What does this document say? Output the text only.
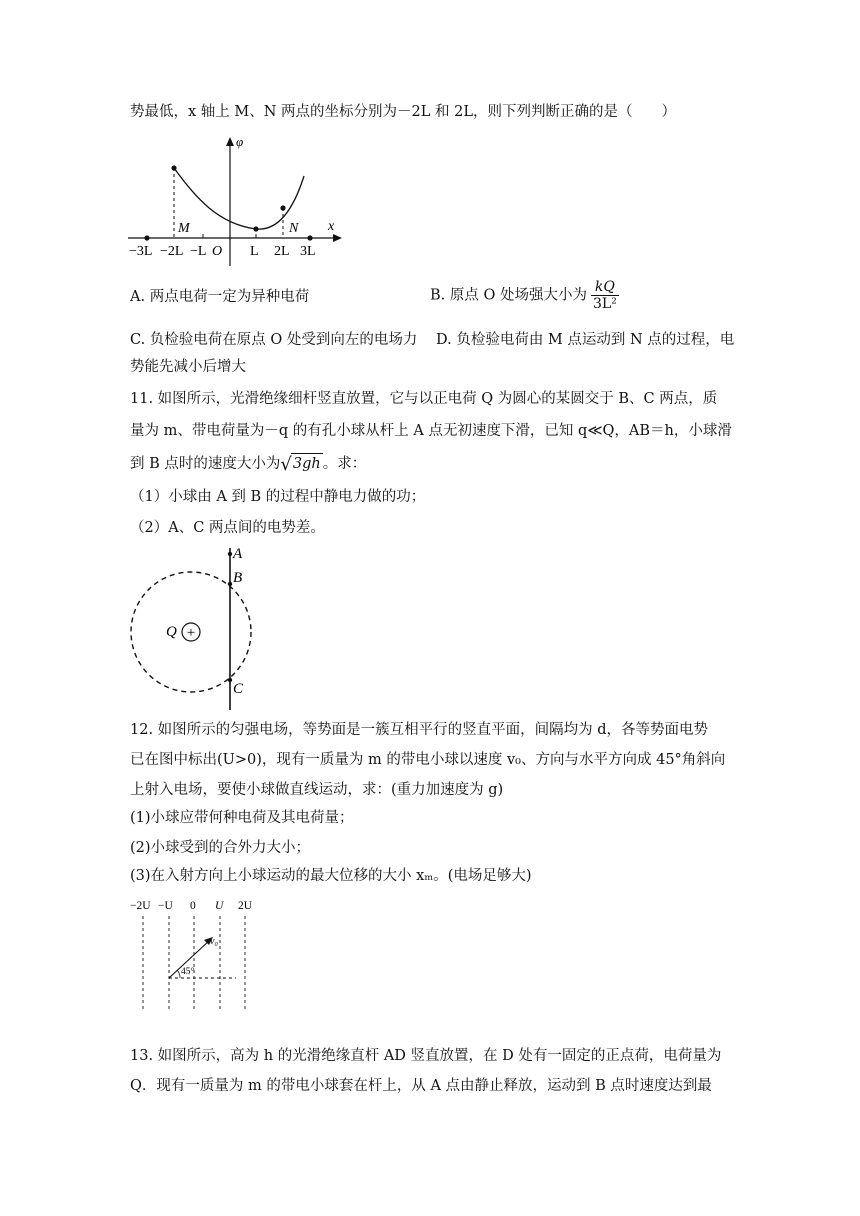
势最低，x 轴上 M、N 两点的坐标分别为－2L 和 2L，则下列判断正确的是（　　）
φ
x
M	N
−3L −2L −L O L 2L 3L
A. 两点电荷一定为异种电荷	B. 原点 O 处场强大小为 $\frac{kQ}{\text{3L²}}$
C. 负检验电荷在原点 O 处受到向左的电场力 D. 负检验电荷由 M 点运动到 N 点的过程，电
势能先减小后增大
11. 如图所示，光滑绝缘细杆竖直放置，它与以正电荷 Q 为圆心的某圆交于 B、C 两点，质
量为 m、带电荷量为－q 的有孔小球从杆上 A 点无初速度下滑，已知 q≪Q，AB＝h，小球滑
到 B 点时的速度大小为√3gh 。求：
（1）小球由 A 到 B 的过程中静电力做的功；
（2）A、C 两点间的电势差。
A
B
Q +
C
12. 如图所示的匀强电场，等势面是一簇互相平行的竖直平面，间隔均为 d，各等势面电势
已在图中标出(U>0)，现有一质量为 m 的带电小球以速度 v₀、方向与水平方向成 45°角斜向
上射入电场，要使小球做直线运动，求：(重力加速度为 g)
(1)小球应带何种电荷及其电荷量；
(2)小球受到的合外力大小；
(3)在入射方向上小球运动的最大位移的大小 xₘ。(电场足够大)
−2U −U 0 U 2U
v₀
45°
13. 如图所示，高为 h 的光滑绝缘直杆 AD 竖直放置，在 D 处有一固定的正点荷，电荷量为
Q．现有一质量为 m 的带电小球套在杆上，从 A 点由静止释放，运动到 B 点时速度达到最
